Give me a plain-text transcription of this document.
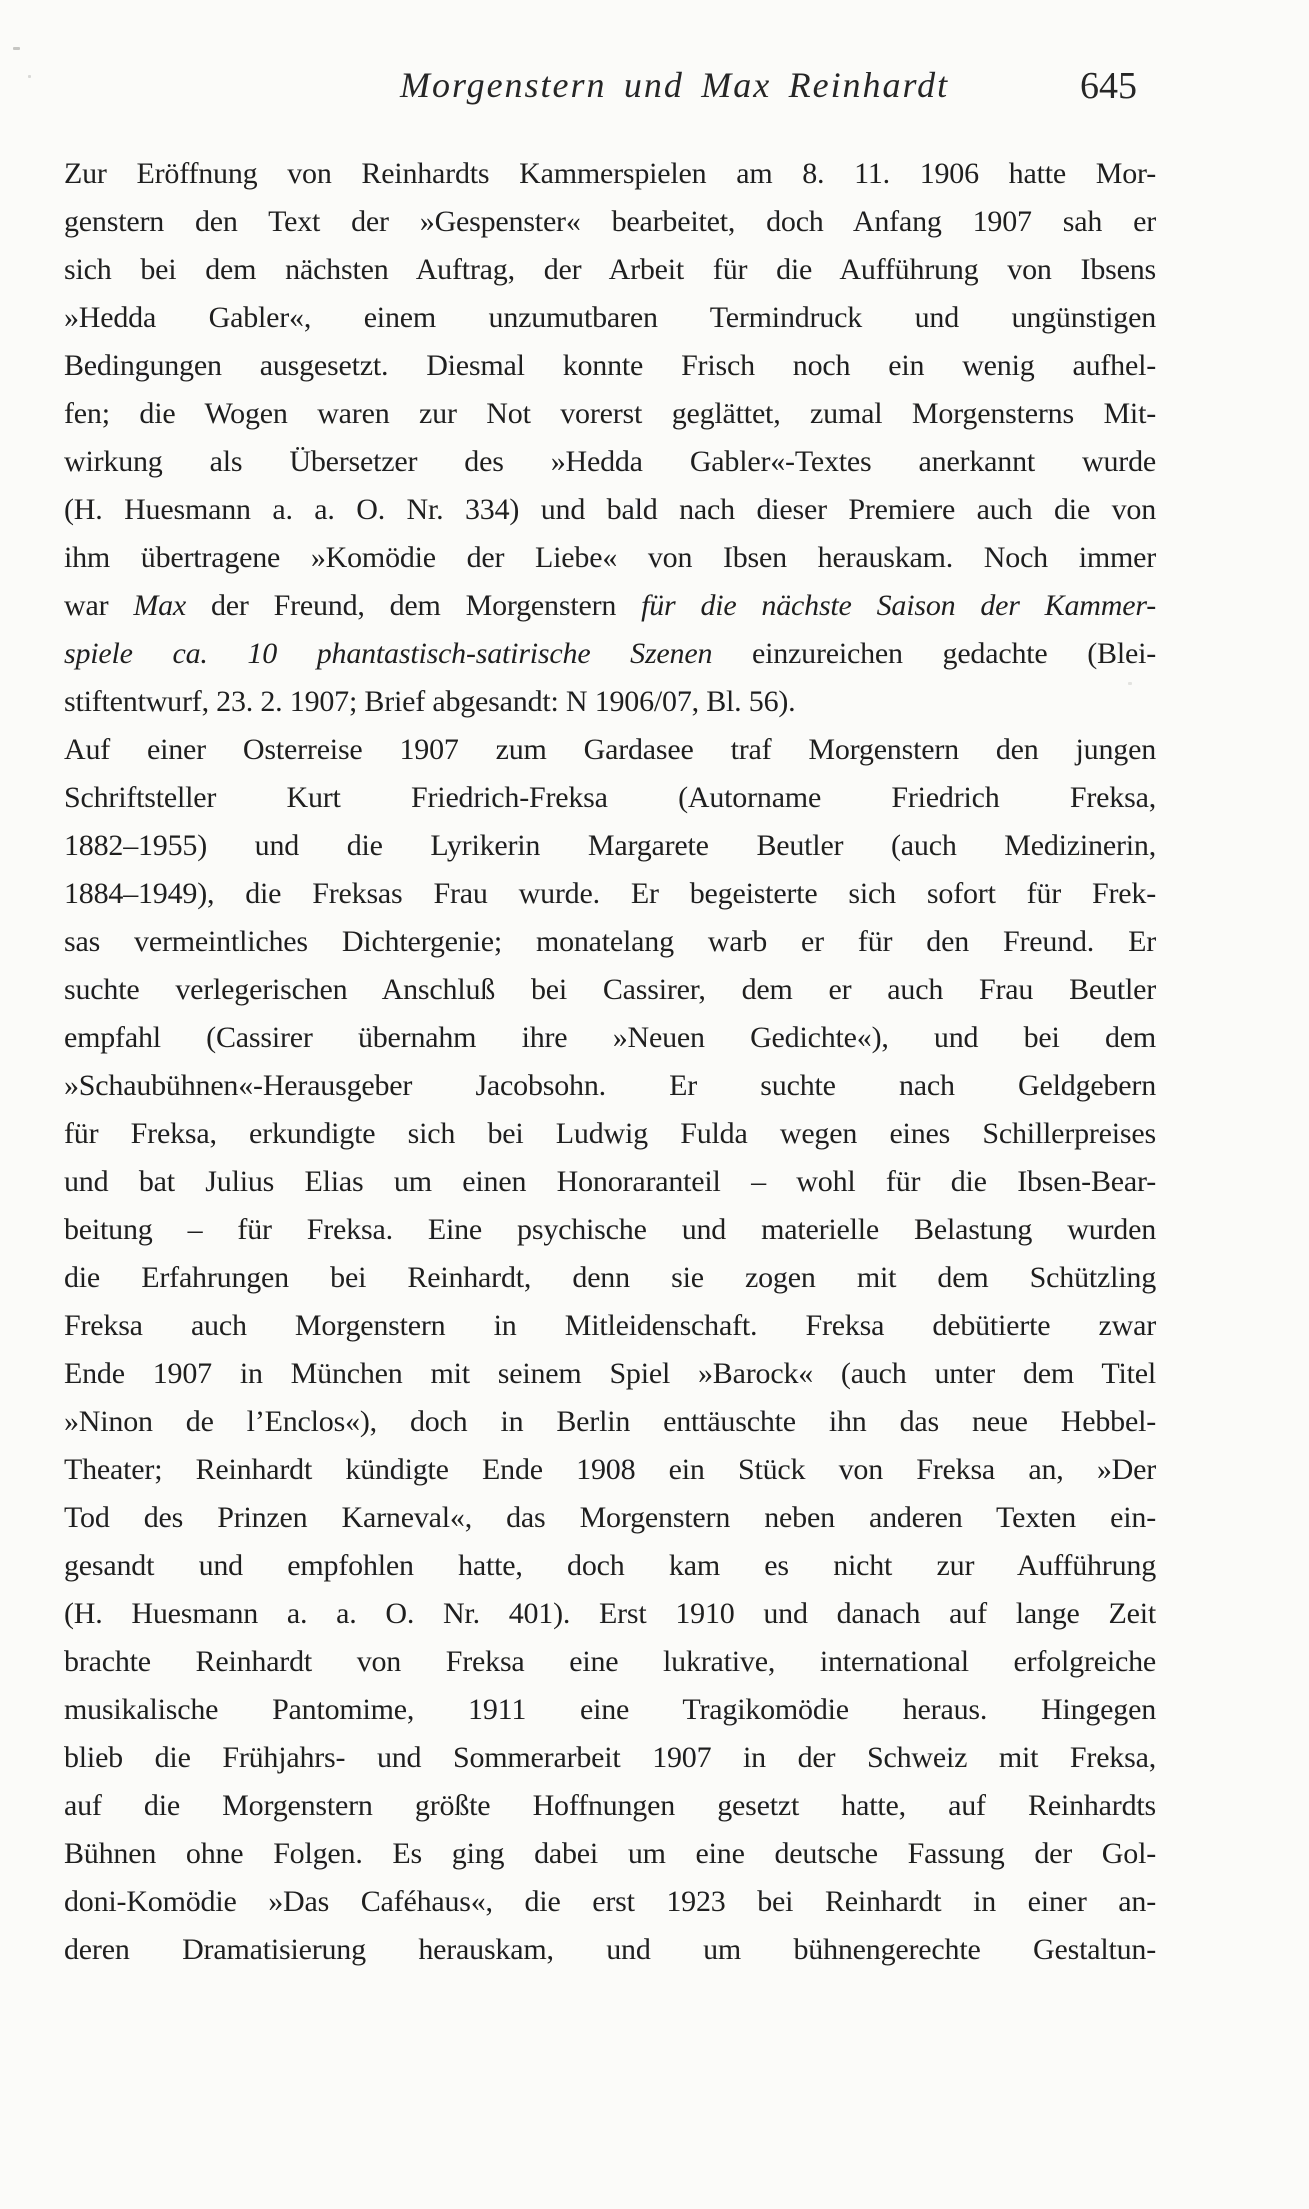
Morgenstern und Max Reinhardt	645
Zur Eröffnung von Reinhardts Kammerspielen am 8. 11. 1906 hatte Mor-
genstern den Text der »Gespenster« bearbeitet, doch Anfang 1907 sah er
sich bei dem nächsten Auftrag, der Arbeit für die Aufführung von Ibsens
»Hedda Gabler«, einem unzumutbaren Termindruck und ungünstigen
Bedingungen ausgesetzt. Diesmal konnte Frisch noch ein wenig aufhel-
fen; die Wogen waren zur Not vorerst geglättet, zumal Morgensterns Mit-
wirkung als Übersetzer des »Hedda Gabler«-Textes anerkannt wurde
(H. Huesmann a. a. O. Nr. 334) und bald nach dieser Premiere auch die von
ihm übertragene »Komödie der Liebe« von Ibsen herauskam. Noch immer
war Max der Freund, dem Morgenstern für die nächste Saison der Kammer-
spiele ca. 10 phantastisch-satirische Szenen einzureichen gedachte (Blei-
stiftentwurf, 23. 2. 1907; Brief abgesandt: N 1906/07, Bl. 56).
Auf einer Osterreise 1907 zum Gardasee traf Morgenstern den jungen
Schriftsteller Kurt Friedrich-Freksa (Autorname Friedrich Freksa,
1882–1955) und die Lyrikerin Margarete Beutler (auch Medizinerin,
1884–1949), die Freksas Frau wurde. Er begeisterte sich sofort für Frek-
sas vermeintliches Dichtergenie; monatelang warb er für den Freund. Er
suchte verlegerischen Anschluß bei Cassirer, dem er auch Frau Beutler
empfahl (Cassirer übernahm ihre »Neuen Gedichte«), und bei dem
»Schaubühnen«-Herausgeber Jacobsohn. Er suchte nach Geldgebern
für Freksa, erkundigte sich bei Ludwig Fulda wegen eines Schillerpreises
und bat Julius Elias um einen Honoraranteil – wohl für die Ibsen-Bear-
beitung – für Freksa. Eine psychische und materielle Belastung wurden
die Erfahrungen bei Reinhardt, denn sie zogen mit dem Schützling
Freksa auch Morgenstern in Mitleidenschaft. Freksa debütierte zwar
Ende 1907 in München mit seinem Spiel »Barock« (auch unter dem Titel
»Ninon de l’Enclos«), doch in Berlin enttäuschte ihn das neue Hebbel-
Theater; Reinhardt kündigte Ende 1908 ein Stück von Freksa an, »Der
Tod des Prinzen Karneval«, das Morgenstern neben anderen Texten ein-
gesandt und empfohlen hatte, doch kam es nicht zur Aufführung
(H. Huesmann a. a. O. Nr. 401). Erst 1910 und danach auf lange Zeit
brachte Reinhardt von Freksa eine lukrative, international erfolgreiche
musikalische Pantomime, 1911 eine Tragikomödie heraus. Hingegen
blieb die Frühjahrs- und Sommerarbeit 1907 in der Schweiz mit Freksa,
auf die Morgenstern größte Hoffnungen gesetzt hatte, auf Reinhardts
Bühnen ohne Folgen. Es ging dabei um eine deutsche Fassung der Gol-
doni-Komödie »Das Caféhaus«, die erst 1923 bei Reinhardt in einer an-
deren Dramatisierung herauskam, und um bühnengerechte Gestaltun-
